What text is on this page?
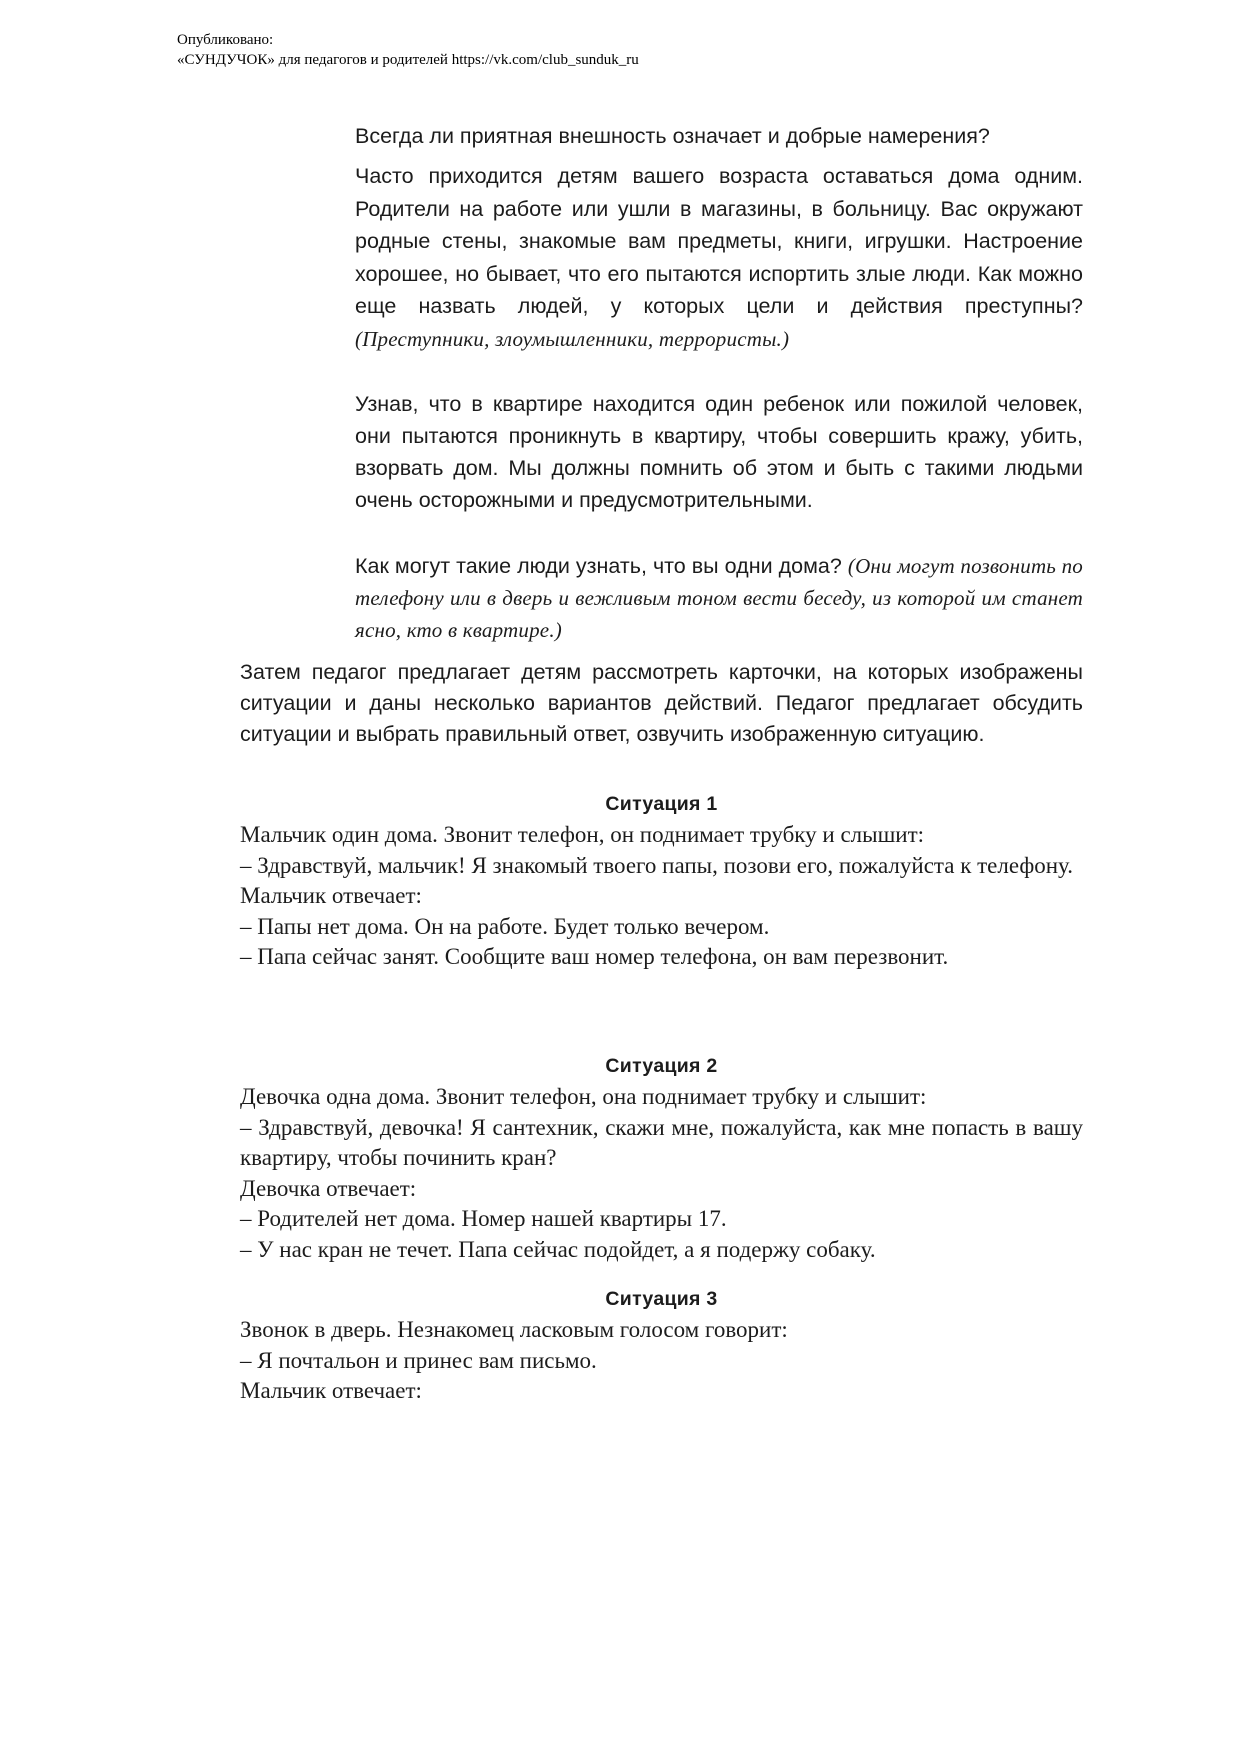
Опубликовано:
«СУНДУЧОК» для педагогов и родителей https://vk.com/club_sunduk_ru

Всегда ли приятная внешность означает и добрые намерения?

Часто приходится детям вашего возраста оставаться дома одним. Родители на работе или ушли в магазины, в больницу. Вас окружают родные стены, знакомые вам предметы, книги, игрушки. Настроение хорошее, но бывает, что его пытаются испортить злые люди. Как можно еще назвать людей, у которых цели и действия преступны? (Преступники, злоумышленники, террористы.)

Узнав, что в квартире находится один ребенок или пожилой человек, они пытаются проникнуть в квартиру, чтобы совершить кражу, убить, взорвать дом. Мы должны помнить об этом и быть с такими людьми очень осторожными и предусмотрительными.

Как могут такие люди узнать, что вы одни дома? (Они могут позвонить по телефону или в дверь и вежливым тоном вести беседу, из которой им станет ясно, кто в квартире.)

Затем педагог предлагает детям рассмотреть карточки, на которых изображены ситуации и даны несколько вариантов действий. Педагог предлагает обсудить ситуации и выбрать правильный ответ, озвучить изображенную ситуацию.

Ситуация 1
Мальчик один дома. Звонит телефон, он поднимает трубку и слышит:
– Здравствуй, мальчик! Я знакомый твоего папы, позови его, пожалуйста к телефону.
Мальчик отвечает:
– Папы нет дома. Он на работе. Будет только вечером.
– Папа сейчас занят. Сообщите ваш номер телефона, он вам перезвонит.
Ситуация 2
Девочка одна дома. Звонит телефон, она поднимает трубку и слышит:
– Здравствуй, девочка! Я сантехник, скажи мне, пожалуйста, как мне попасть в вашу квартиру, чтобы починить кран?
Девочка отвечает:
– Родителей нет дома. Номер нашей квартиры 17.
– У нас кран не течет. Папа сейчас подойдет, а я подержу собаку.
Ситуация 3
Звонок в дверь. Незнакомец ласковым голосом говорит:
– Я почтальон и принес вам письмо.
Мальчик отвечает:
